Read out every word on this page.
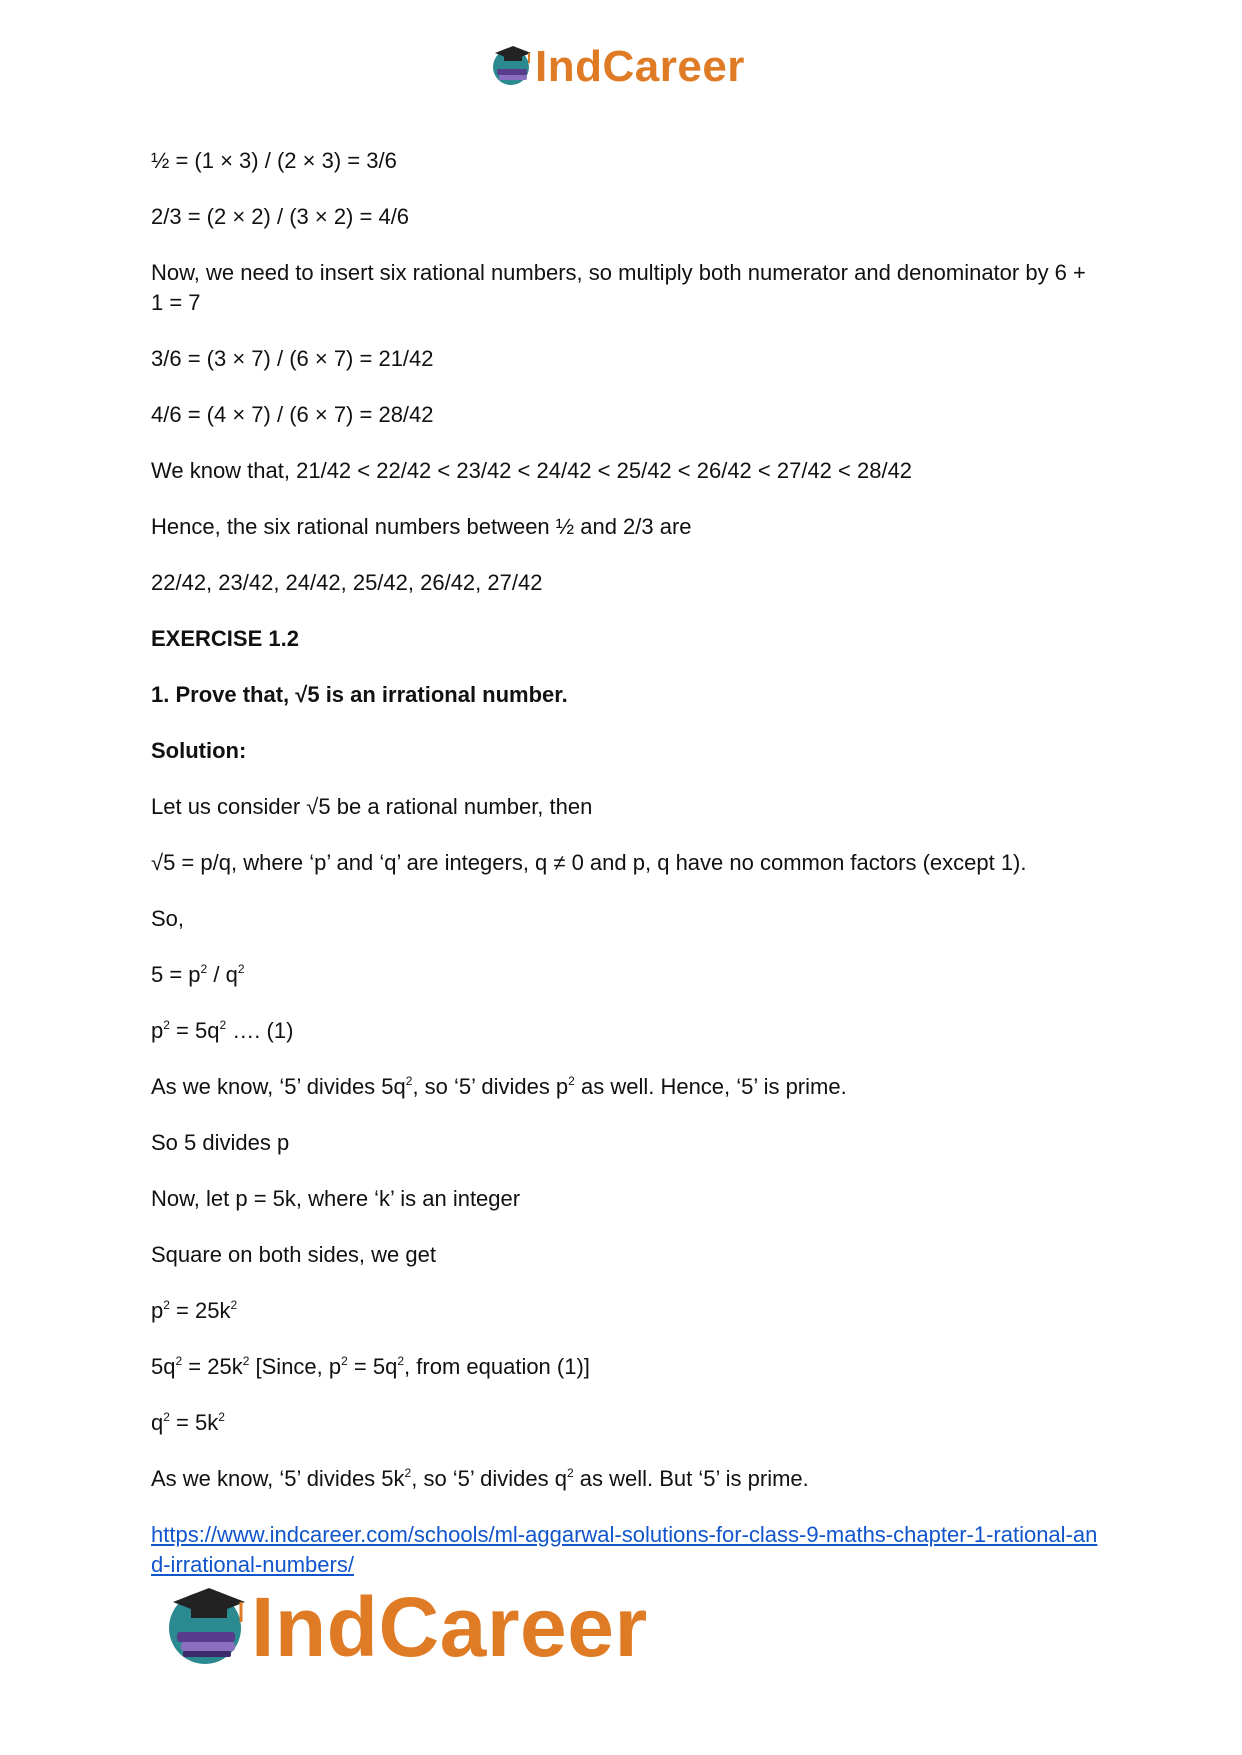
IndCareer

½ = (1 × 3) / (2 × 3) = 3/6

2/3 = (2 × 2) / (3 × 2) = 4/6

Now, we need to insert six rational numbers, so multiply both numerator and denominator by 6 + 1 = 7

3/6 = (3 × 7) / (6 × 7) = 21/42

4/6 = (4 × 7) / (6 × 7) = 28/42

We know that, 21/42 < 22/42 < 23/42 < 24/42 < 25/42 < 26/42 < 27/42 < 28/42

Hence, the six rational numbers between ½ and 2/3 are

22/42, 23/42, 24/42, 25/42, 26/42, 27/42

EXERCISE 1.2

1. Prove that, √5 is an irrational number.

Solution:

Let us consider √5 be a rational number, then

√5 = p/q, where ‘p’ and ‘q’ are integers, q ≠ 0 and p, q have no common factors (except 1).

So,

$5 = p^2 / q^2$

$p^2 = 5q^2$ …. (1)

As we know, ‘5’ divides $5q^2$, so ‘5’ divides $p^2$ as well. Hence, ‘5’ is prime.

So 5 divides p

Now, let p = 5k, where ‘k’ is an integer

Square on both sides, we get

$p^2 = 25k^2$

$5q^2 = 25k^2$ [Since, $p^2 = 5q^2$, from equation (1)]

$q^2 = 5k^2$

As we know, ‘5’ divides $5k^2$, so ‘5’ divides $q^2$ as well. But ‘5’ is prime.

https://www.indcareer.com/schools/ml-aggarwal-solutions-for-class-9-maths-chapter-1-rational-and-irrational-numbers/
IndCareer
